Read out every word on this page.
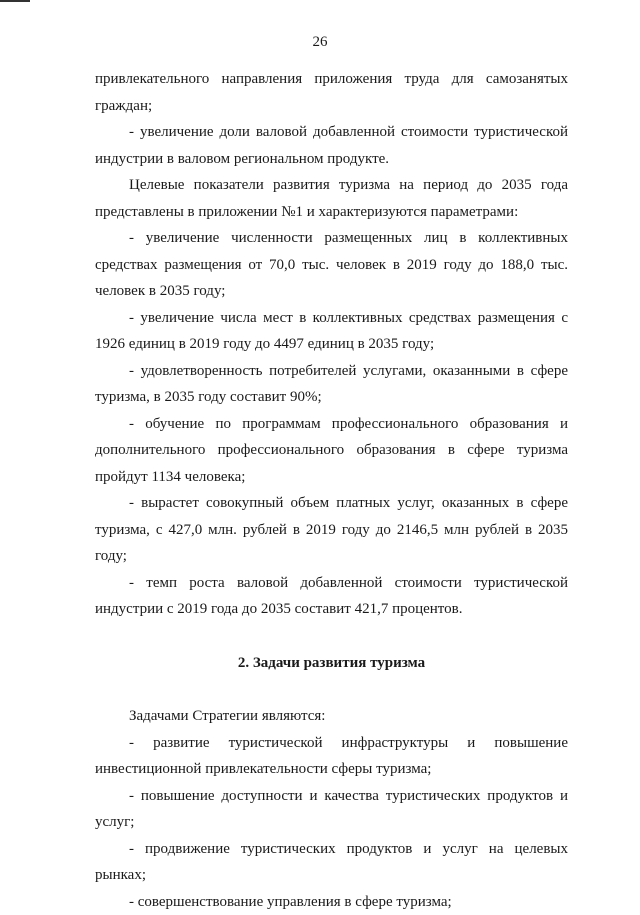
26

привлекательного направления приложения труда для самозанятых граждан;

- увеличение доли валовой добавленной стоимости туристической индустрии в валовом региональном продукте.

Целевые показатели развития туризма на период до 2035 года представлены в приложении №1 и характеризуются параметрами:

- увеличение численности размещенных лиц в коллективных средствах размещения от 70,0 тыс. человек в 2019 году до 188,0 тыс. человек в 2035 году;

- увеличение числа мест в коллективных средствах размещения с 1926 единиц в 2019 году до 4497 единиц в 2035 году;

- удовлетворенность потребителей услугами, оказанными в сфере туризма, в 2035 году составит 90%;

- обучение по программам профессионального образования и дополнительного профессионального образования в сфере туризма пройдут 1134 человека;

- вырастет совокупный объем платных услуг, оказанных в сфере туризма, с 427,0 млн. рублей в 2019 году до 2146,5 млн рублей в 2035 году;

- темп роста валовой добавленной стоимости туристической индустрии с 2019 года до 2035 составит 421,7 процентов.

2. Задачи развития туризма

Задачами Стратегии являются:

- развитие туристической инфраструктуры и повышение инвестиционной привлекательности сферы туризма;

- повышение доступности и качества туристических продуктов и услуг;

- продвижение туристических продуктов и услуг на целевых рынках;

- совершенствование управления в сфере туризма;
